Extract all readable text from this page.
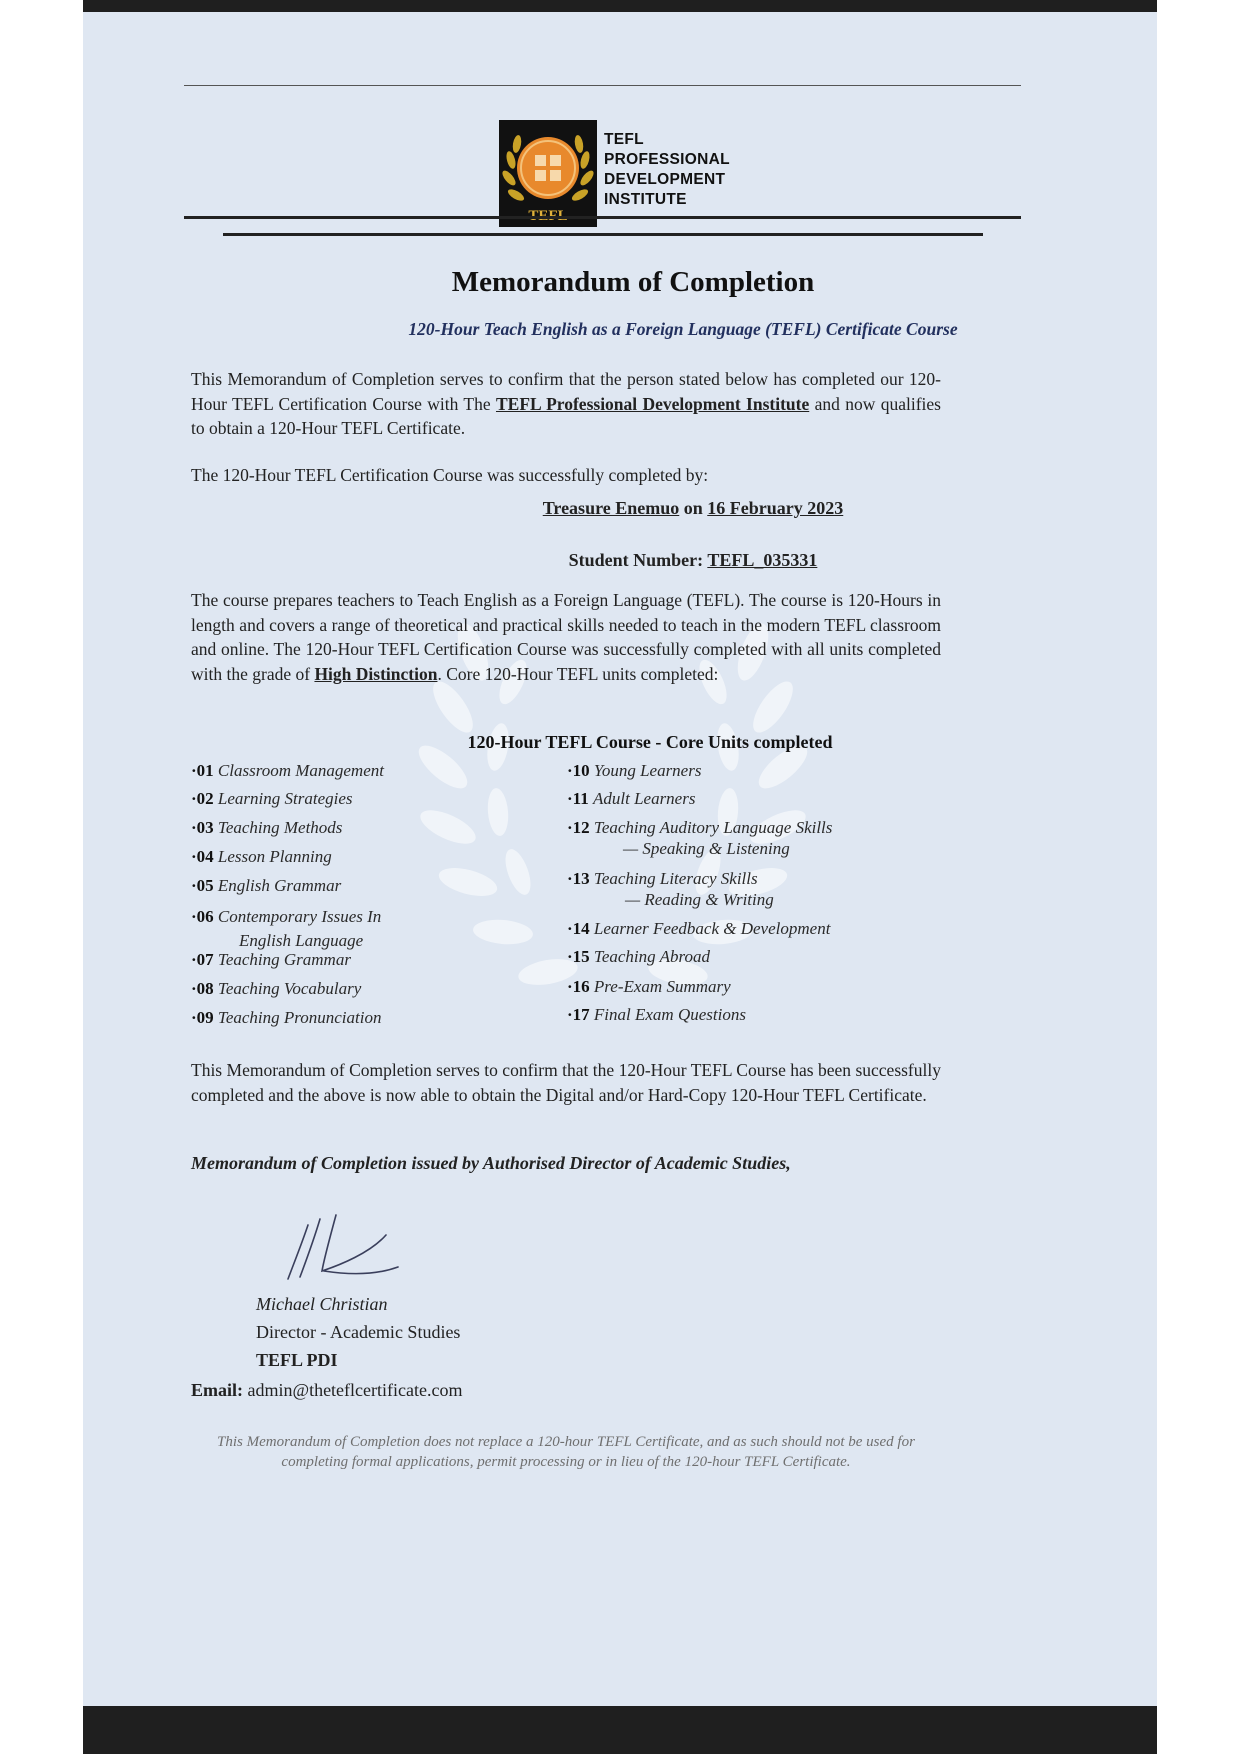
TEFL
PROFESSIONAL
DEVELOPMENT
INSTITUTE
Memorandum of Completion
120-Hour Teach English as a Foreign Language (TEFL) Certificate Course
This Memorandum of Completion serves to confirm that the person stated below has completed our 120-Hour TEFL Certification Course with The TEFL Professional Development Institute and now qualifies to obtain a 120-Hour TEFL Certificate.
The 120-Hour TEFL Certification Course was successfully completed by:
Treasure Enemuo on 16 February 2023
Student Number: TEFL_035331
The course prepares teachers to Teach English as a Foreign Language (TEFL). The course is 120-Hours in length and covers a range of theoretical and practical skills needed to teach in the modern TEFL classroom and online. The 120-Hour TEFL Certification Course was successfully completed with all units completed with the grade of High Distinction. Core 120-Hour TEFL units completed:
120-Hour TEFL Course - Core Units completed
·01 Classroom Management
·02 Learning Strategies
·03 Teaching Methods
·04 Lesson Planning
·05 English Grammar
·06 Contemporary Issues In
English Language
·07 Teaching Grammar
·08 Teaching Vocabulary
·09 Teaching Pronunciation
·10 Young Learners
·11 Adult Learners
·12 Teaching Auditory Language Skills
— Speaking & Listening
·13 Teaching Literacy Skills
— Reading & Writing
·14 Learner Feedback & Development
·15 Teaching Abroad
·16 Pre-Exam Summary
·17 Final Exam Questions
This Memorandum of Completion serves to confirm that the 120-Hour TEFL Course has been successfully completed and the above is now able to obtain the Digital and/or Hard-Copy 120-Hour TEFL Certificate.
Memorandum of Completion issued by Authorised Director of Academic Studies,
Michael Christian
Director - Academic Studies
TEFL PDI
Email: admin@theteflcertificate.com
This Memorandum of Completion does not replace a 120-hour TEFL Certificate, and as such should not be used for completing formal applications, permit processing or in lieu of the 120-hour TEFL Certificate.
